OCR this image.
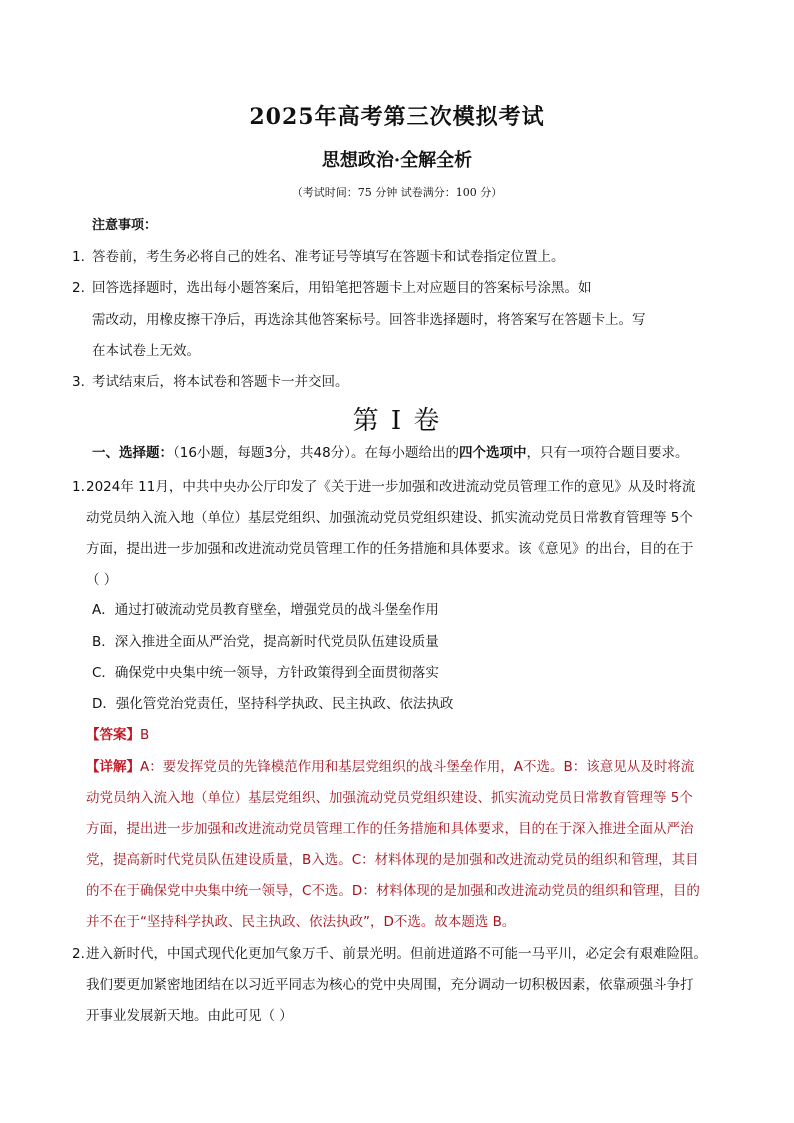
2025年高考第三次模拟考试
思想政治·全解全析
（考试时间：75 分钟 试卷满分：100 分）
注意事项：
1. 答卷前，考生务必将自己的姓名、准考证号等填写在答题卡和试卷指定位置上。
2. 回答选择题时，选出每小题答案后，用铅笔把答题卡上对应题目的答案标号涂黑。如
需改动，用橡皮擦干净后，再选涂其他答案标号。回答非选择题时，将答案写在答题卡上。写
在本试卷上无效。
3. 考试结束后，将本试卷和答题卡一并交回。
第 I 卷
一、选择题：（16小题，每题3分，共48分）。在每小题给出的四个选项中，只有一项符合题目要求。
1. 2024年 11月，中共中央办公厅印发了《关于进一步加强和改进流动党员管理工作的意见》从及时将流
动党员纳入流入地（单位）基层党组织、加强流动党员党组织建设、抓实流动党员日常教育管理等 5个
方面，提出进一步加强和改进流动党员管理工作的任务措施和具体要求。该《意见》的出台，目的在于
（ ）
A．通过打破流动党员教育壁垒，增强党员的战斗堡垒作用
B．深入推进全面从严治党，提高新时代党员队伍建设质量
C．确保党中央集中统一领导，方针政策得到全面贯彻落实
D．强化管党治党责任，坚持科学执政、民主执政、依法执政
【答案】B
【详解】A：要发挥党员的先锋模范作用和基层党组织的战斗堡垒作用，A不选。B：该意见从及时将流
动党员纳入流入地（单位）基层党组织、加强流动党员党组织建设、抓实流动党员日常教育管理等 5个
方面，提出进一步加强和改进流动党员管理工作的任务措施和具体要求，目的在于深入推进全面从严治
党，提高新时代党员队伍建设质量，B入选。C：材料体现的是加强和改进流动党员的组织和管理，其目
的不在于确保党中央集中统一领导，C不选。D：材料体现的是加强和改进流动党员的组织和管理，目的
并不在于“坚持科学执政、民主执政、依法执政”，D不选。故本题选 B。
2. 进入新时代，中国式现代化更加气象万千、前景光明。但前进道路不可能一马平川，必定会有艰难险阻。
我们要更加紧密地团结在以习近平同志为核心的党中央周围，充分调动一切积极因素，依靠顽强斗争打
开事业发展新天地。由此可见（ ）
